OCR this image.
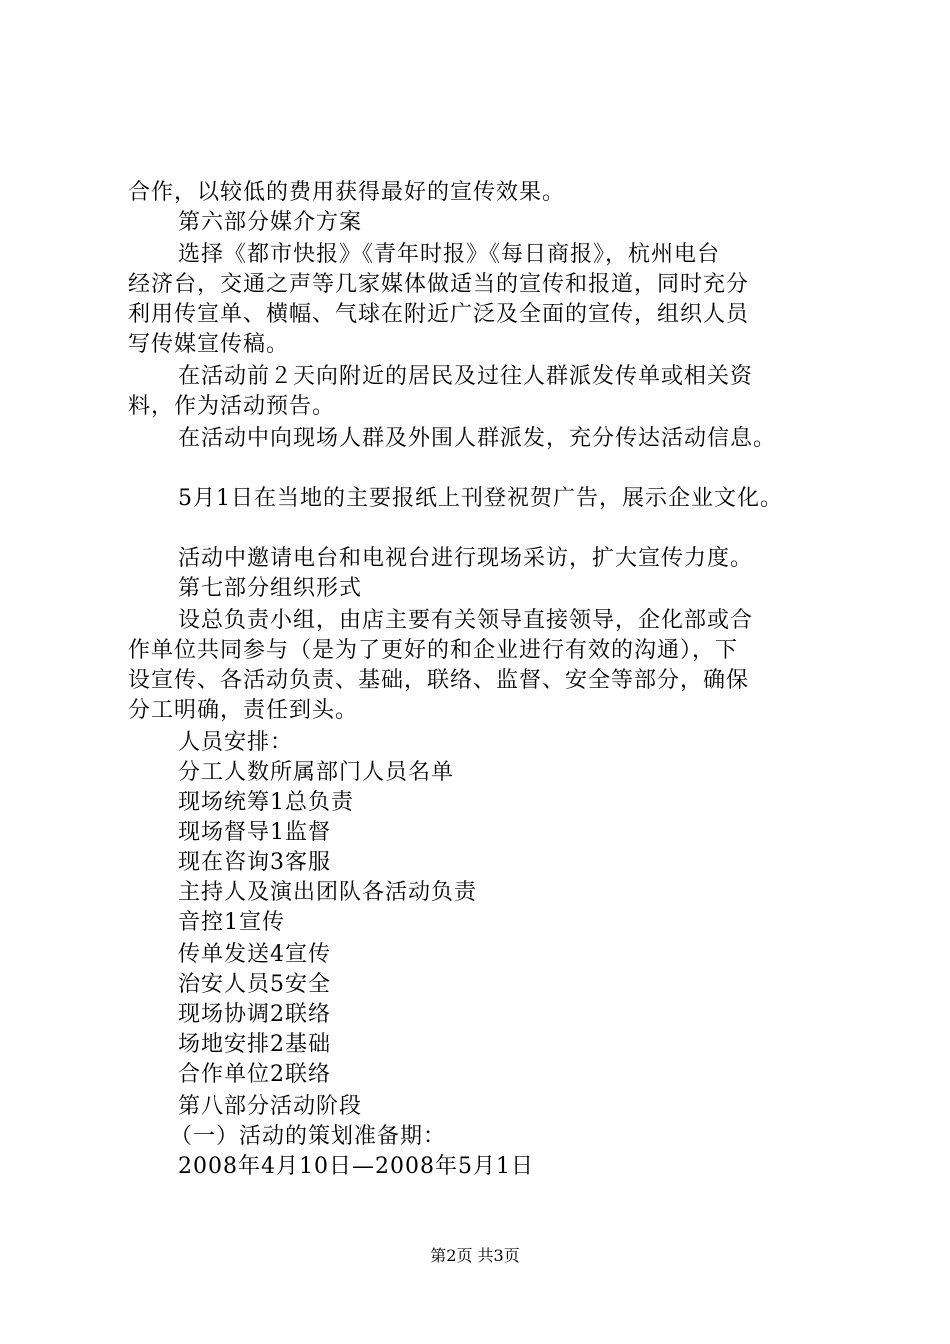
合作，以较低的费用获得最好的宣传效果。
第六部分媒介方案
选择《都市快报》《青年时报》《每日商报》，杭州电台
经济台，交通之声等几家媒体做适当的宣传和报道，同时充分
利用传宣单、横幅、气球在附近广泛及全面的宣传，组织人员
写传媒宣传稿。
在活动前２天向附近的居民及过往人群派发传单或相关资
料，作为活动预告。
在活动中向现场人群及外围人群派发，充分传达活动信息。
5月1日在当地的主要报纸上刊登祝贺广告，展示企业文化。
活动中邀请电台和电视台进行现场采访，扩大宣传力度。
第七部分组织形式
设总负责小组，由店主要有关领导直接领导，企化部或合
作单位共同参与（是为了更好的和企业进行有效的沟通），下
设宣传、各活动负责、基础，联络、监督、安全等部分，确保
分工明确，责任到头。
人员安排：
分工人数所属部门人员名单
现场统筹1总负责
现场督导1监督
现在咨询3客服
主持人及演出团队各活动负责
音控1宣传
传单发送4宣传
治安人员5安全
现场协调2联络
场地安排2基础
合作单位2联络
第八部分活动阶段
（一）活动的策划准备期：
2008年4月10日—2008年5月1日
第2页 共3页
